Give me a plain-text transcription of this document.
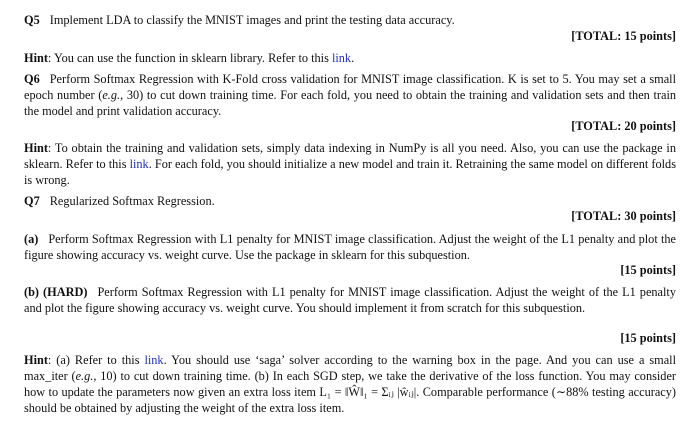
Q5 Implement LDA to classify the MNIST images and print the testing data accuracy.

[TOTAL: 15 points]

Hint: You can use the function in sklearn library. Refer to this link.

Q6 Perform Softmax Regression with K-Fold cross validation for MNIST image classification. K is set to 5. You may set a small epoch number (e.g., 30) to cut down training time. For each fold, you need to obtain the training and validation sets and then train the model and print validation accuracy.

[TOTAL: 20 points]

Hint: To obtain the training and validation sets, simply data indexing in NumPy is all you need. Also, you can use the package in sklearn. Refer to this link. For each fold, you should initialize a new model and train it. Retraining the same model on different folds is wrong.

Q7 Regularized Softmax Regression.

[TOTAL: 30 points]

(a) Perform Softmax Regression with L1 penalty for MNIST image classification. Adjust the weight of the L1 penalty and plot the figure showing accuracy vs. weight curve. Use the package in sklearn for this subquestion.

[15 points]

(b) (HARD) Perform Softmax Regression with L1 penalty for MNIST image classification. Adjust the weight of the L1 penalty and plot the figure showing accuracy vs. weight curve. You should implement it from scratch for this subquestion.

[15 points]

Hint: (a) Refer to this link. You should use ‘saga’ solver according to the warning box in the page. And you can use a small max_iter (e.g., 10) to cut down training time. (b) In each SGD step, we take the derivative of the loss function. You may consider how to update the parameters now given an extra loss item L₁ = ‖Ŵ‖₁ = Σᵢⱼ |ŵᵢⱼ|. Comparable performance (∼88% testing accuracy) should be obtained by adjusting the weight of the extra loss item.
